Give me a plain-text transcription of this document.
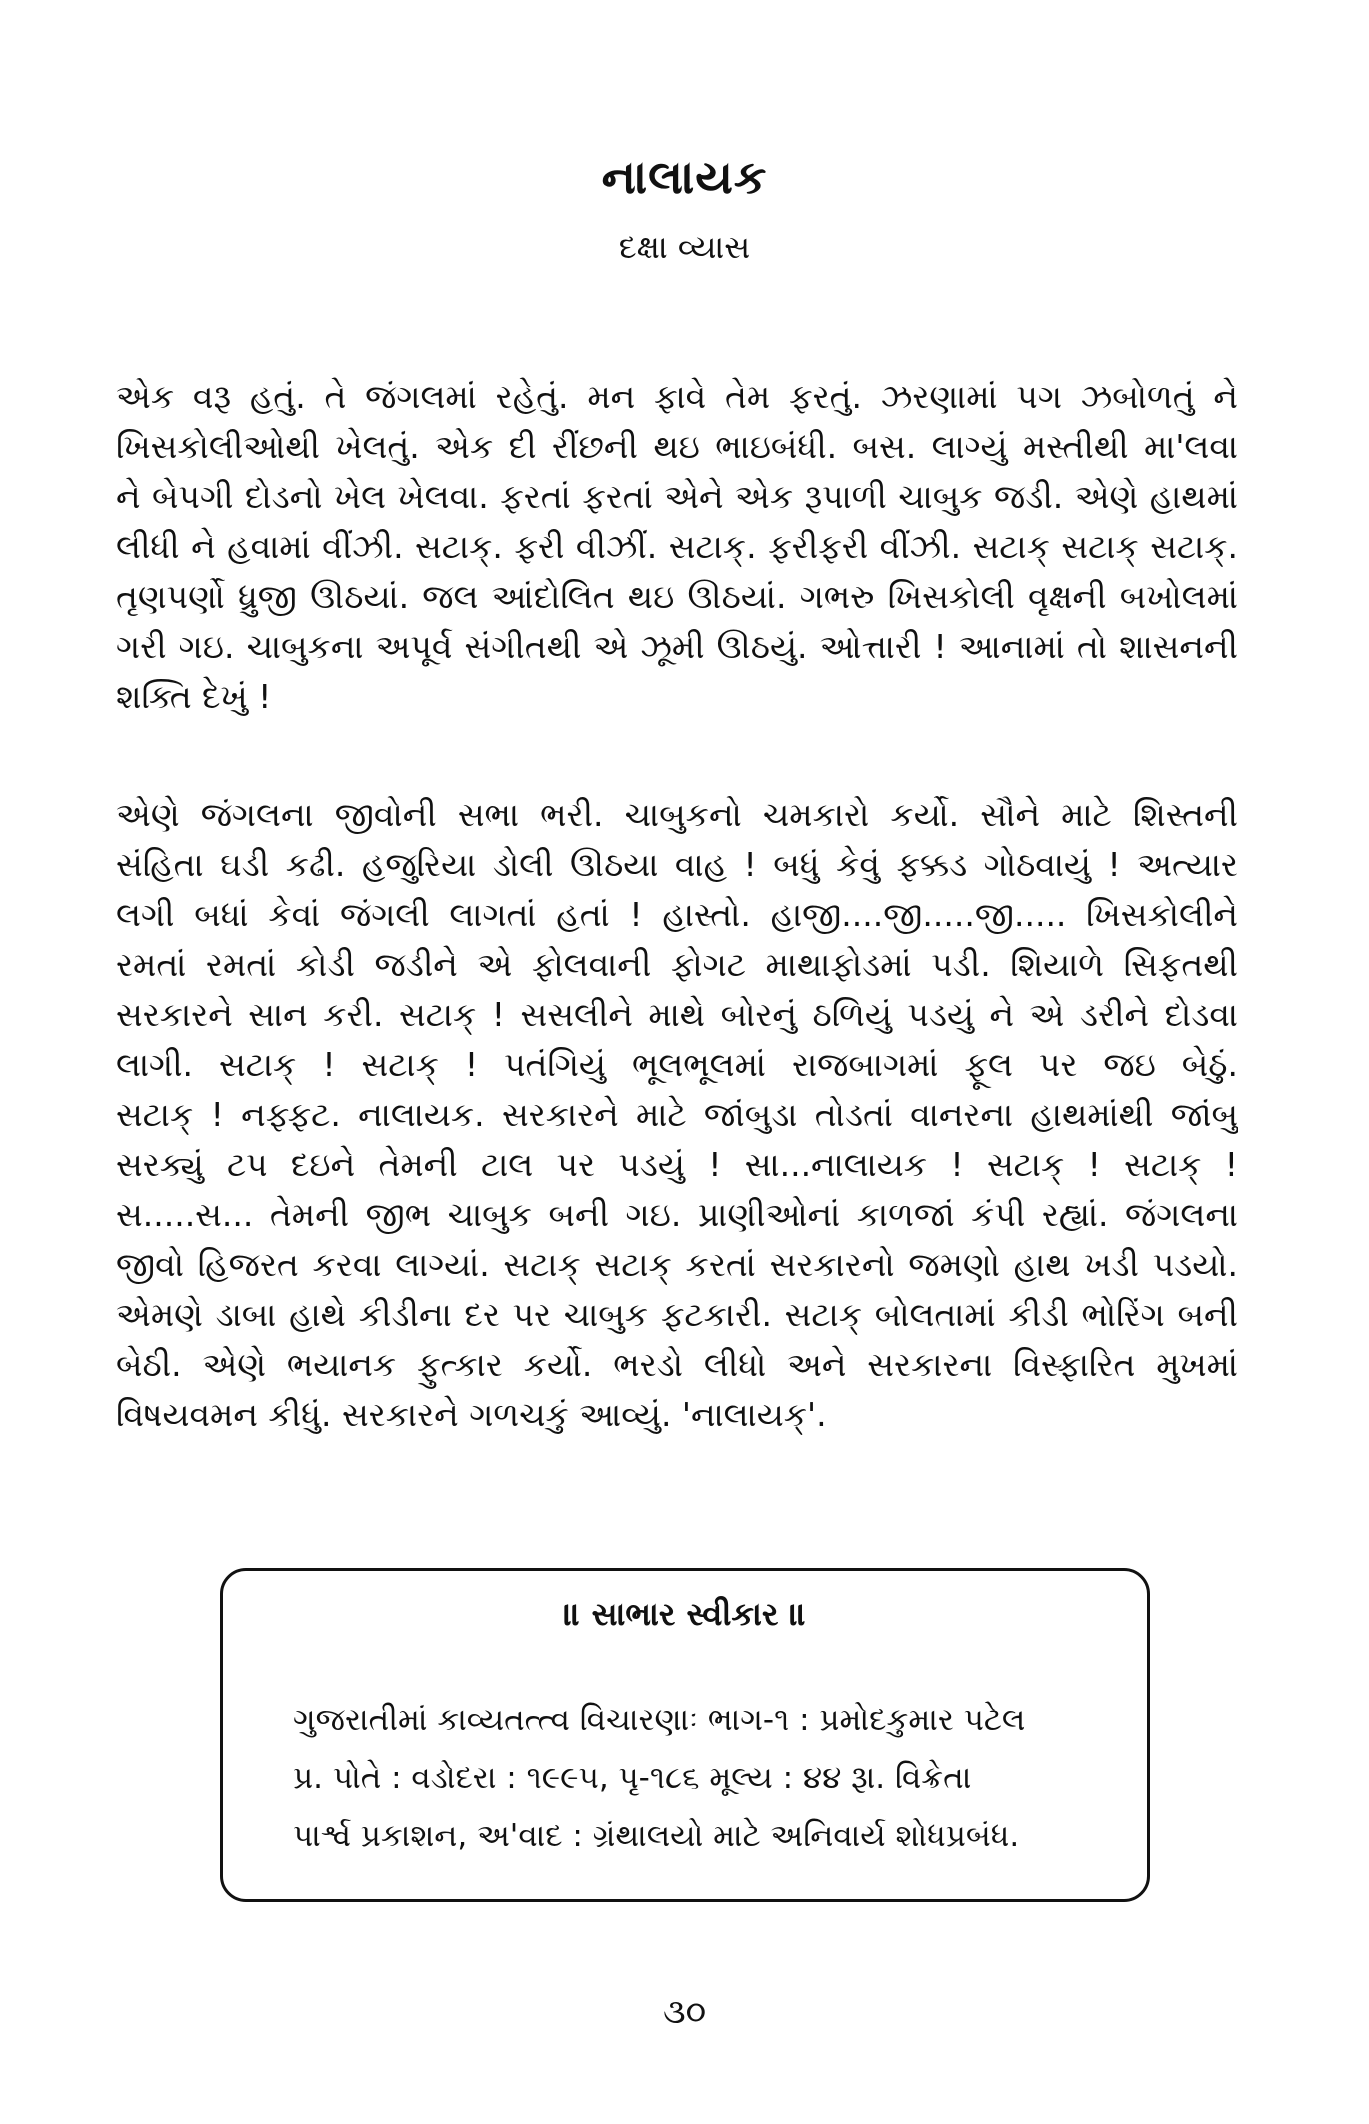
નાલાયક
દક્ષા વ્યાસ
એક વરૂ હતું. તે જંગલમાં રહેતું. મન ફાવે તેમ ફરતું. ઝરણામાં પગ ઝબોળતું ને
ખિસકોલીઓથી ખેલતું. એક દી રીંછની થઇ ભાઇબંધી. બસ. લાગ્યું મસ્તીથી મા'લવા
ને બેપગી દોડનો ખેલ ખેલવા. ફરતાં ફરતાં એને એક રૂપાળી ચાબુક જડી. એણે હાથમાં
લીધી ને હવામાં વીંઝી. સટાક્. ફરી વીઝીં. સટાક્. ફરીફરી વીંઝી. સટાક્ સટાક્ સટાક્.
તૃણપર્ણો ધ્રુજી ઊઠયાં. જલ આંદોલિત થઇ ઊઠયાં. ગભરુ ખિસકોલી વૃક્ષની બખોલમાં
ગરી ગઇ. ચાબુકના અપૂર્વ સંગીતથી એ ઝૂમી ઊઠયું. ઓત્તારી ! આનામાં તો શાસનની
શક્તિ દેખું !
એણે જંગલના જીવોની સભા ભરી. ચાબુકનો ચમકારો કર્યો. સૌને માટે શિસ્તની
સંહિતા ઘડી કઢી. હજુરિયા ડોલી ઊઠયા વાહ ! બધું કેવું ફક્કડ ગોઠવાયું ! અત્યાર
લગી બધાં કેવાં જંગલી લાગતાં હતાં ! હાસ્તો. હાજી....જી.....જી..... ખિસકોલીને
રમતાં રમતાં કોડી જડીને એ ફોલવાની ફોગટ માથાફોડમાં પડી. શિયાળે સિફતથી
સરકારને સાન કરી. સટાક્ ! સસલીને માથે બોરનું ઠળિયું પડયું ને એ ડરીને દોડવા
લાગી. સટાક્ ! સટાક્ ! પતંગિયું ભૂલભૂલમાં રાજબાગમાં ફૂલ પર જઇ બેઠું.
સટાક્ ! નફ્ફટ. નાલાયક. સરકારને માટે જાંબુડા તોડતાં વાનરના હાથમાંથી જાંબુ
સરક્યું ટપ દઇને તેમની ટાલ પર પડયું ! સા...નાલાયક ! સટાક્ ! સટાક્ !
સ.....સ... તેમની જીભ ચાબુક બની ગઇ. પ્રાણીઓનાં કાળજાં કંપી રહ્યાં. જંગલના
જીવો હિજરત કરવા લાગ્યાં. સટાક્ સટાક્ કરતાં સરકારનો જમણો હાથ ખડી પડયો.
એમણે ડાબા હાથે કીડીના દર પર ચાબુક ફટકારી. સટાક્ બોલતામાં કીડી ભોરિંગ બની
બેઠી. એણે ભયાનક ફુત્કાર કર્યો. ભરડો લીધો અને સરકારના વિસ્ફારિત મુખમાં
વિષયવમન કીધું. સરકારને ગળચકું આવ્યું. 'નાલાયક્'.
॥ સાભાર સ્વીકાર ॥
ગુજરાતીમાં કાવ્યતત્ત્વ વિચારણાઃ ભાગ-૧ : પ્રમોદકુમાર પટેલ
પ્ર. પોતે : વડોદરા : ૧૯૯૫, પૃ-૧૮૬ મૂલ્ય : ૪૪ રૂા. વિક્રેતા
પાર્શ્વ પ્રકાશન, અ'વાદ : ગ્રંથાલયો માટે અનિવાર્ય શોધપ્રબંધ.
૩૦
